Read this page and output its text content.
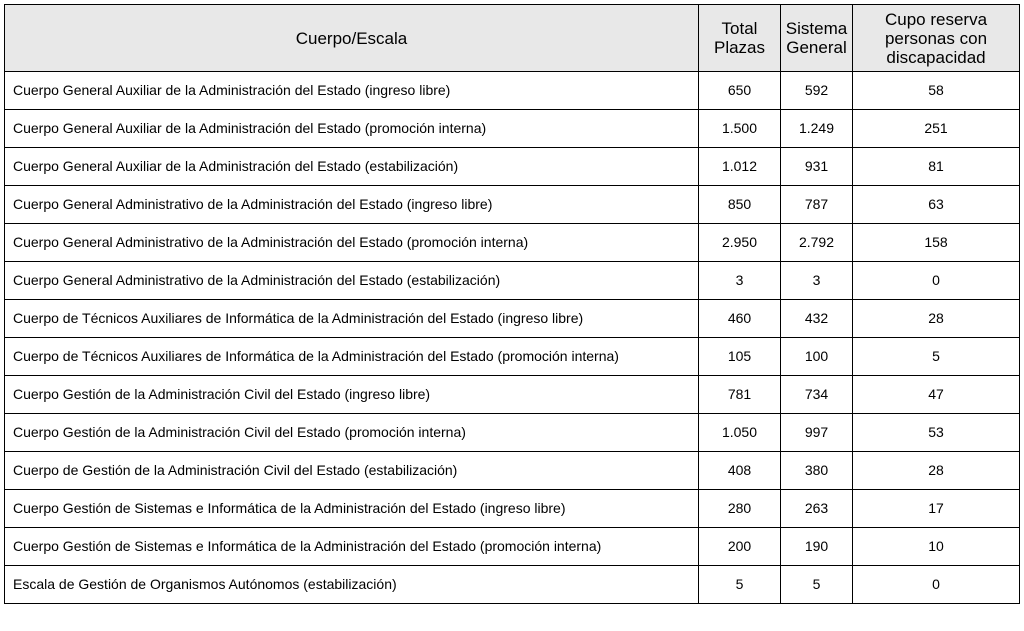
Cuerpo/Escala	Total Plazas	Sistema General	Cupo reserva personas con discapacidad
Cuerpo General Auxiliar de la Administración del Estado (ingreso libre)	650	592	58
Cuerpo General Auxiliar de la Administración del Estado (promoción interna)	1.500	1.249	251
Cuerpo General Auxiliar de la Administración del Estado (estabilización)	1.012	931	81
Cuerpo General Administrativo de la Administración del Estado (ingreso libre)	850	787	63
Cuerpo General Administrativo de la Administración del Estado (promoción interna)	2.950	2.792	158
Cuerpo General Administrativo de la Administración del Estado (estabilización)	3	3	0
Cuerpo de Técnicos Auxiliares de Informática de la Administración del Estado (ingreso libre)	460	432	28
Cuerpo de Técnicos Auxiliares de Informática de la Administración del Estado (promoción interna)	105	100	5
Cuerpo Gestión de la Administración Civil del Estado (ingreso libre)	781	734	47
Cuerpo Gestión de la Administración Civil del Estado (promoción interna)	1.050	997	53
Cuerpo de Gestión de la Administración Civil del Estado (estabilización)	408	380	28
Cuerpo Gestión de Sistemas e Informática de la Administración del Estado (ingreso libre)	280	263	17
Cuerpo Gestión de Sistemas e Informática de la Administración del Estado (promoción interna)	200	190	10
Escala de Gestión de Organismos Autónomos (estabilización)	5	5	0
